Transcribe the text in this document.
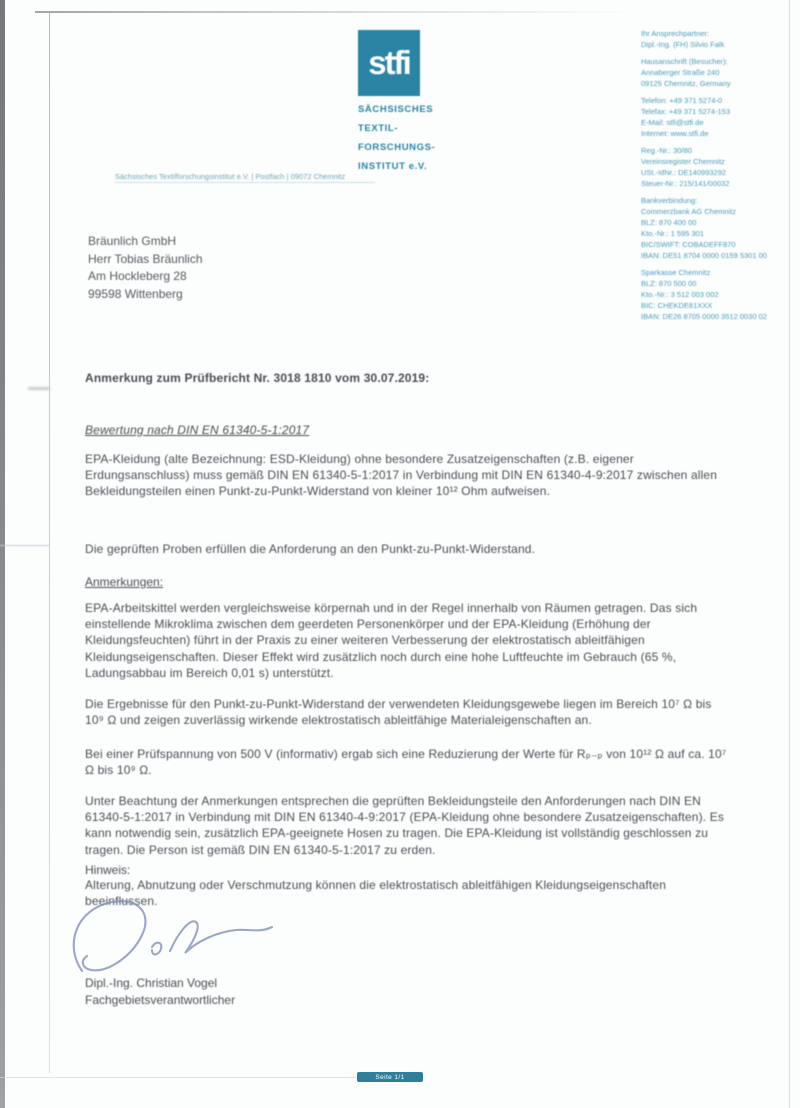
stfi
SÄCHSISCHES
TEXTIL-
FORSCHUNGS-
INSTITUT e.V.
Sächsisches Textilforschungsinstitut e.V. | Postfach | 09072 Chemnitz
Bräunlich GmbH
Herr Tobias Bräunlich
Am Hockleberg 28
99598 Wittenberg
Ihr Ansprechpartner:
Dipl.-Ing. (FH) Silvio Falk
Hausanschrift (Besucher):
Annaberger Straße 240
09125 Chemnitz, Germany
Telefon: +49 371 5274-0
Telefax: +49 371 5274-153
E-Mail: stfi@stfi.de
Internet: www.stfi.de
Reg.-Nr.: 30/80
Vereinsregister Chemnitz
USt.-IdNr.: DE140993292
Steuer-Nr.: 215/141/00032
Bankverbindung:
Commerzbank AG Chemnitz
BLZ: 870 400 00
Kto.-Nr.: 1 595 301
BIC/SWIFT: COBADEFF870
IBAN: DE51 8704 0000 0159 5301 00
Sparkasse Chemnitz
BLZ: 870 500 00
Kto.-Nr.: 3 512 003 002
BIC: CHEKDE81XXX
IBAN: DE26 8705 0000 3512 0030 02
Anmerkung zum Prüfbericht Nr. 3018 1810 vom 30.07.2019:
Bewertung nach DIN EN 61340-5-1:2017

EPA-Kleidung (alte Bezeichnung: ESD-Kleidung) ohne besondere Zusatzeigenschaften (z.B. eigener Erdungsanschluss) muss gemäß DIN EN 61340-5-1:2017 in Verbindung mit DIN EN 61340-4-9:2017 zwischen allen Bekleidungsteilen einen Punkt-zu-Punkt-Widerstand von kleiner 10¹² Ohm aufweisen.

Die geprüften Proben erfüllen die Anforderung an den Punkt-zu-Punkt-Widerstand.

Anmerkungen:

EPA-Arbeitskittel werden vergleichsweise körpernah und in der Regel innerhalb von Räumen getragen. Das sich einstellende Mikroklima zwischen dem geerdeten Personenkörper und der EPA-Kleidung (Erhöhung der Kleidungsfeuchten) führt in der Praxis zu einer weiteren Verbesserung der elektrostatisch ableitfähigen Kleidungseigenschaften. Dieser Effekt wird zusätzlich noch durch eine hohe Luftfeuchte im Gebrauch (65 %, Ladungsabbau im Bereich 0,01 s) unterstützt.

Die Ergebnisse für den Punkt-zu-Punkt-Widerstand der verwendeten Kleidungsgewebe liegen im Bereich 10⁷ Ω bis 10⁹ Ω und zeigen zuverlässig wirkende elektrostatisch ableitfähige Materialeigenschaften an.

Bei einer Prüfspannung von 500 V (informativ) ergab sich eine Reduzierung der Werte für Rₚ₋ₚ von 10¹² Ω auf ca. 10⁷ Ω bis 10⁹ Ω.

Unter Beachtung der Anmerkungen entsprechen die geprüften Bekleidungsteile den Anforderungen nach DIN EN 61340-5-1:2017 in Verbindung mit DIN EN 61340-4-9:2017 (EPA-Kleidung ohne besondere Zusatzeigenschaften). Es kann notwendig sein, zusätzlich EPA-geeignete Hosen zu tragen. Die EPA-Kleidung ist vollständig geschlossen zu tragen. Die Person ist gemäß DIN EN 61340-5-1:2017 zu erden.

Hinweis:

Alterung, Abnutzung oder Verschmutzung können die elektrostatisch ableitfähigen Kleidungseigenschaften beeinflussen.

Dipl.-Ing. Christian Vogel
Fachgebietsverantwortlicher
Seite 1/1
